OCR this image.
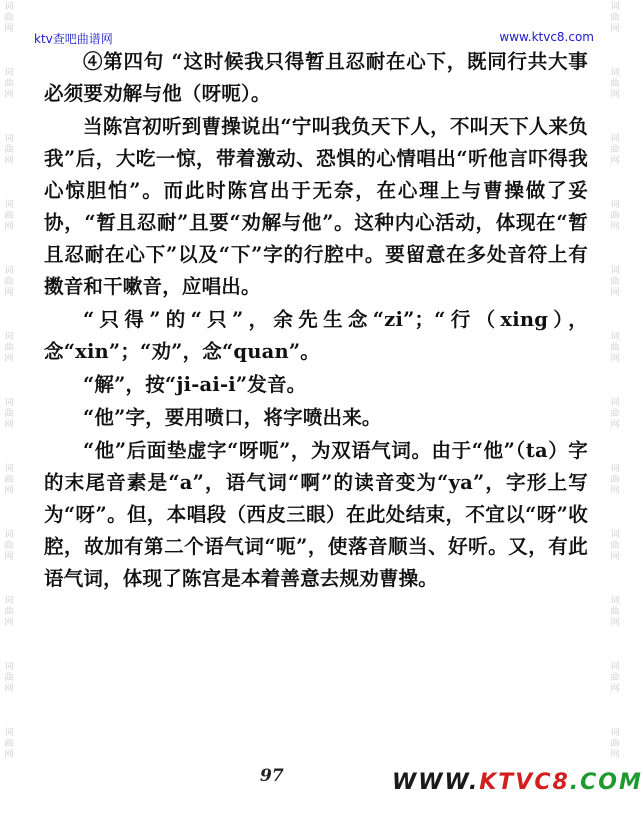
词
曲
网
词
曲
网
词
曲
网
词
曲
网
词
曲
网
词
曲
网
词
曲
网
词
曲
网
词
曲
网
词
曲
网
词
曲
网
词
曲
网
词
曲
网
词
曲
网
词
曲
网
词
曲
网
词
曲
网
词
曲
网
词
曲
网
词
曲
网
词
曲
网
词
曲
网
词
曲
网
词
曲
网
ktv查吧曲谱网	www.ktvc8.com

④第四句 “这时候我只得暂且忍耐在心下，既同行共大事必须要劝解与他（呀呃）。

当陈宫初听到曹操说出“宁叫我负天下人，不叫天下人来负我”后，大吃一惊，带着激动、恐惧的心情唱出“听他言吓得我心惊胆怕”。而此时陈宫出于无奈，在心理上与曹操做了妥协，“暂且忍耐”且要“劝解与他”。这种内心活动，体现在“暂且忍耐在心下”以及“下”字的行腔中。要留意在多处音符上有擞音和干嗽音，应唱出。

“只得”的“只”，余先生念“zi”；“行（xing），念“xin”；“劝”，念“quan”。

“解”，按“ji-ai-i”发音。

“他”字，要用喷口，将字喷出来。

“他”后面垫虚字“呀呃”，为双语气词。由于“他”（ta）字的末尾音素是“a”，语气词“啊”的读音变为“ya”，字形上写为“呀”。但，本唱段（西皮三眼）在此处结束，不宜以“呀”收腔，故加有第二个语气词“呃”，使落音顺当、好听。又，有此语气词，体现了陈宫是本着善意去规劝曹操。

97	WWW.KTVC8.COM
